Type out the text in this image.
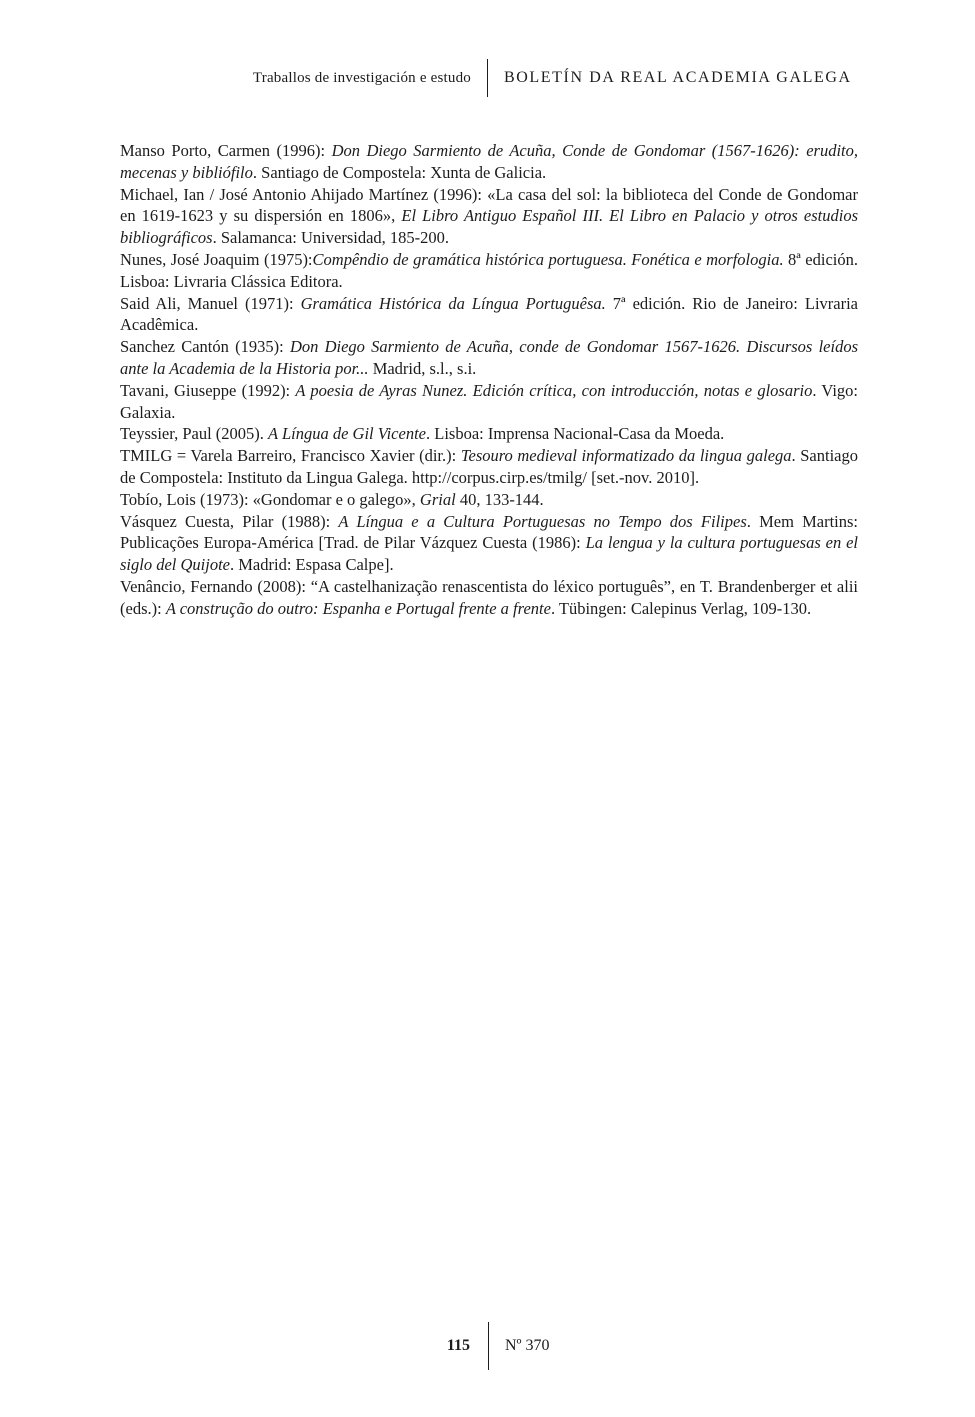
Traballos de investigación e estudo	BOLETÍN DA REAL ACADEMIA GALEGA

Manso Porto, Carmen (1996): Don Diego Sarmiento de Acuña, Conde de Gondomar (1567-1626): erudito, mecenas y bibliófilo. Santiago de Compostela: Xunta de Galicia.

Michael, Ian / José Antonio Ahijado Martínez (1996): «La casa del sol: la biblioteca del Conde de Gondomar en 1619-1623 y su dispersión en 1806», El Libro Antiguo Español III. El Libro en Palacio y otros estudios bibliográficos. Salamanca: Universidad, 185-200.

Nunes, José Joaquim (1975):Compêndio de gramática histórica portuguesa. Fonética e morfologia. 8ª edición. Lisboa: Livraria Clássica Editora.

Said Ali, Manuel (1971): Gramática Histórica da Língua Portuguêsa. 7ª edición. Rio de Janeiro: Livraria Acadêmica.

Sanchez Cantón (1935): Don Diego Sarmiento de Acuña, conde de Gondomar 1567-1626. Discursos leídos ante la Academia de la Historia por... Madrid, s.l., s.i.

Tavani, Giuseppe (1992): A poesia de Ayras Nunez. Edición crítica, con introducción, notas e glosario. Vigo: Galaxia.

Teyssier, Paul (2005). A Língua de Gil Vicente. Lisboa: Imprensa Nacional-Casa da Moeda.

TMILG = Varela Barreiro, Francisco Xavier (dir.): Tesouro medieval informatizado da lingua galega. Santiago de Compostela: Instituto da Lingua Galega. http://corpus.cirp.es/tmilg/ [set.-nov. 2010].

Tobío, Lois (1973): «Gondomar e o galego», Grial 40, 133-144.

Vásquez Cuesta, Pilar (1988): A Língua e a Cultura Portuguesas no Tempo dos Filipes. Mem Martins: Publicações Europa-América [Trad. de Pilar Vázquez Cuesta (1986): La lengua y la cultura portuguesas en el siglo del Quijote. Madrid: Espasa Calpe].

Venâncio, Fernando (2008): “A castelhanização renascentista do léxico português”, en T. Brandenberger et alii (eds.): A construção do outro: Espanha e Portugal frente a frente. Tübingen: Calepinus Verlag, 109-130.

115	Nº 370
